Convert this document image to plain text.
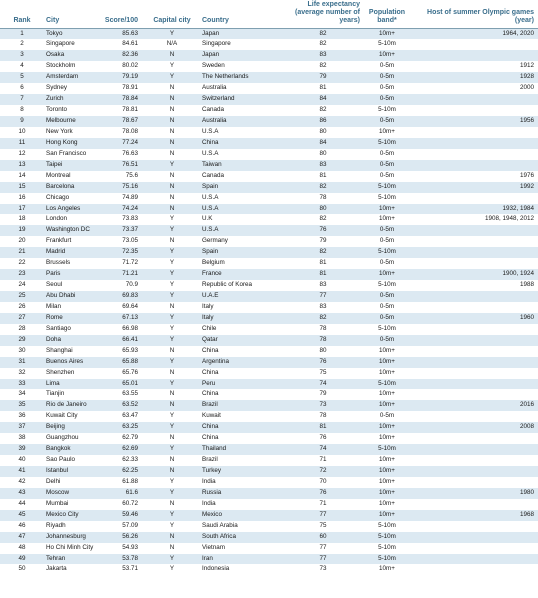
Rank	City	Score/100	Capital city	Country	Life expectancy (average number of years)	Population band*	Host of summer Olympic games (year)
1	Tokyo	85.63	Y	Japan	82	10m+	1964, 2020
2	Singapore	84.61	N/A	Singapore	82	5-10m	
3	Osaka	82.36	N	Japan	83	10m+	
4	Stockholm	80.02	Y	Sweden	82	0-5m	1912
5	Amsterdam	79.19	Y	The Netherlands	79	0-5m	1928
6	Sydney	78.91	N	Australia	81	0-5m	2000
7	Zurich	78.84	N	Switzerland	84	0-5m	
8	Toronto	78.81	N	Canada	82	5-10m	
9	Melbourne	78.67	N	Australia	86	0-5m	1956
10	New York	78.08	N	U.S.A	80	10m+	
11	Hong Kong	77.24	N	China	84	5-10m	
12	San Francisco	76.63	N	U.S.A	80	0-5m	
13	Taipei	76.51	Y	Taiwan	83	0-5m	
14	Montreal	75.6	N	Canada	81	0-5m	1976
15	Barcelona	75.16	N	Spain	82	5-10m	1992
16	Chicago	74.89	N	U.S.A	78	5-10m	
17	Los Angeles	74.24	N	U.S.A	80	10m+	1932, 1984
18	London	73.83	Y	U.K	82	10m+	1908, 1948, 2012
19	Washington DC	73.37	Y	U.S.A	76	0-5m	
20	Frankfurt	73.05	N	Germany	79	0-5m	
21	Madrid	72.35	Y	Spain	82	5-10m	
22	Brussels	71.72	Y	Belgium	81	0-5m	
23	Paris	71.21	Y	France	81	10m+	1900, 1924
24	Seoul	70.9	Y	Republic of Korea	83	5-10m	1988
25	Abu Dhabi	69.83	Y	U.A.E	77	0-5m	
26	Milan	69.64	N	Italy	83	0-5m	
27	Rome	67.13	Y	Italy	82	0-5m	1960
28	Santiago	66.98	Y	Chile	78	5-10m	
29	Doha	66.41	Y	Qatar	78	0-5m	
30	Shanghai	65.93	N	China	80	10m+	
31	Buenos Aires	65.88	Y	Argentina	76	10m+	
32	Shenzhen	65.76	N	China	75	10m+	
33	Lima	65.01	Y	Peru	74	5-10m	
34	Tianjin	63.55	N	China	79	10m+	
35	Rio de Janeiro	63.52	N	Brazil	73	10m+	2016
36	Kuwait City	63.47	Y	Kuwait	78	0-5m	
37	Beijing	63.25	Y	China	81	10m+	2008
38	Guangzhou	62.79	N	China	76	10m+	
39	Bangkok	62.69	Y	Thailand	74	5-10m	
40	Sao Paulo	62.33	N	Brazil	71	10m+	
41	Istanbul	62.25	N	Turkey	72	10m+	
42	Delhi	61.88	Y	India	70	10m+	
43	Moscow	61.6	Y	Russia	76	10m+	1980
44	Mumbai	60.72	N	India	71	10m+	
45	Mexico City	59.46	Y	Mexico	77	10m+	1968
46	Riyadh	57.09	Y	Saudi Arabia	75	5-10m	
47	Johannesburg	56.26	N	South Africa	60	5-10m	
48	Ho Chi Minh City	54.93	N	Vietnam	77	5-10m	
49	Tehran	53.78	Y	Iran	77	5-10m	
50	Jakarta	53.71	Y	Indonesia	73	10m+	
